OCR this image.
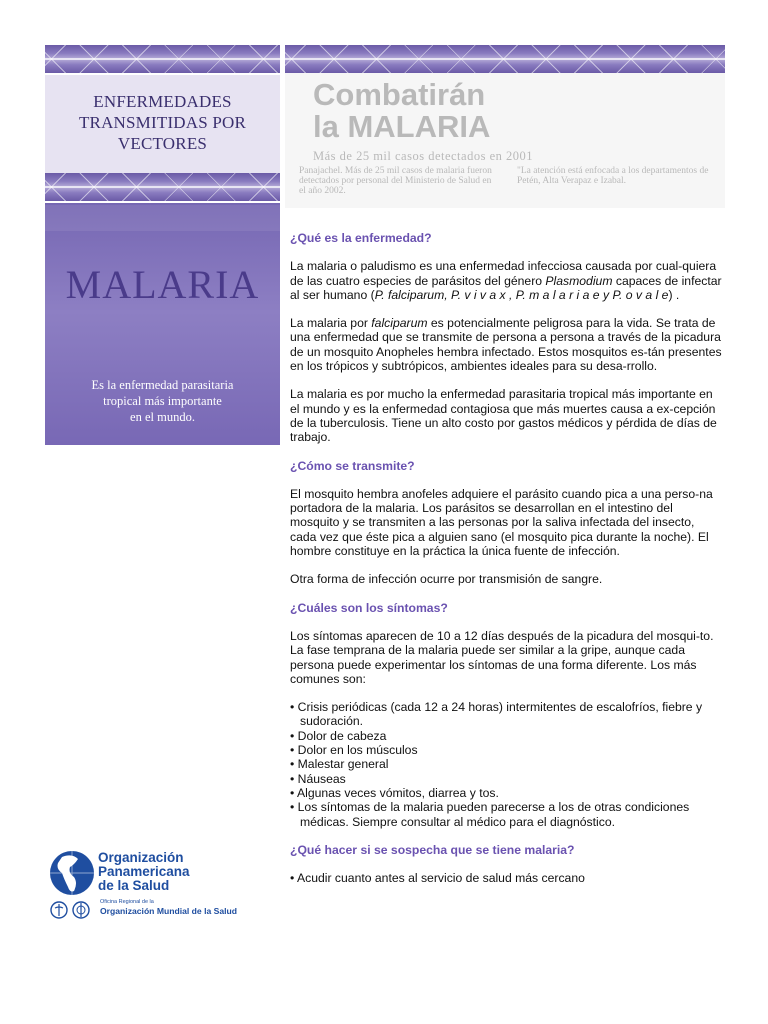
ENFERMEDADES
TRANSMITIDAS POR
VECTORES
MALARIA
Es la enfermedad parasitaria
tropical más importante
en el mundo.
Combatirán
la MALARIA
Más de 25 mil casos detectados en 2001
Panajachel. Más de 25 mil casos de malaria fueron detectados por personal del Ministerio de Salud en el año 2002.
"La atención está enfocada a los departamentos de Petén, Alta Verapaz e Izabal.
¿Qué es la enfermedad?

La malaria o paludismo es una enfermedad infecciosa causada por cual-quiera de las cuatro especies de parásitos del género Plasmodium capaces de infectar al ser humano (P. falciparum, P. v i v a x , P. m a l a r i a e y P. o v a l e) .

La malaria por falciparum es potencialmente peligrosa para la vida. Se trata de una enfermedad que se transmite de persona a persona a través de la picadura de un mosquito Anopheles hembra infectado. Estos mosquitos es-tán presentes en los trópicos y subtrópicos, ambientes ideales para su desa-rrollo.

La malaria es por mucho la enfermedad parasitaria tropical más importante en el mundo y es la enfermedad contagiosa que más muertes causa a ex-cepción de la tuberculosis. Tiene un alto costo por gastos médicos y pérdida de días de trabajo.

¿Cómo se transmite?

El mosquito hembra anofeles adquiere el parásito cuando pica a una perso-na portadora de la malaria. Los parásitos se desarrollan en el intestino del mosquito y se transmiten a las personas por la saliva infectada del insecto, cada vez que éste pica a alguien sano (el mosquito pica durante la noche). El hombre constituye en la práctica la única fuente de infección.

Otra forma de infección ocurre por transmisión de sangre.

¿Cuáles son los síntomas?

Los síntomas aparecen de 10 a 12 días después de la picadura del mosqui-to. La fase temprana de la malaria puede ser similar a la gripe, aunque cada persona puede experimentar los síntomas de una forma diferente. Los más comunes son:

• Crisis periódicas (cada 12 a 24 horas) intermitentes de escalofríos, fiebre y sudoración.
• Dolor de cabeza
• Dolor en los músculos
• Malestar general
• Náuseas
• Algunas veces vómitos, diarrea y tos.
• Los síntomas de la malaria pueden parecerse a los de otras condiciones médicas. Siempre consultar al médico para el diagnóstico.
¿Qué hacer si se sospecha que se tiene malaria?
• Acudir cuanto antes al servicio de salud más cercano
Organización
Panamericana
de la Salud
Oficina Regional de la
Organización Mundial de la Salud
